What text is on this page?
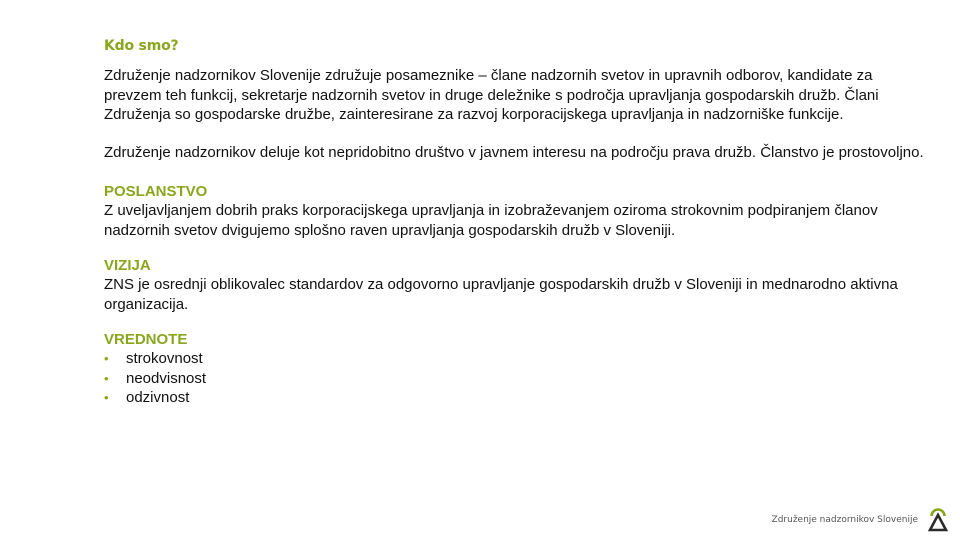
Kdo smo?

Združenje nadzornikov Slovenije združuje posameznike – člane nadzornih svetov in upravnih odborov, kandidate za prevzem teh funkcij, sekretarje nadzornih svetov in druge deležnike s področja upravljanja gospodarskih družb. Člani Združenja so gospodarske družbe, zainteresirane za razvoj korporacijskega upravljanja in nadzorniške funkcije.

Združenje nadzornikov deluje kot nepridobitno društvo v javnem interesu na področju prava družb. Članstvo je prostovoljno.

POSLANSTVO

Z uveljavljanjem dobrih praks korporacijskega upravljanja in izobraževanjem oziroma strokovnim podpiranjem članov nadzornih svetov dvigujemo splošno raven upravljanja gospodarskih družb v Sloveniji.

VIZIJA

ZNS je osrednji oblikovalec standardov za odgovorno upravljanje gospodarskih družb v Sloveniji in mednarodno aktivna organizacija.

VREDNOTE
•	strokovnost
•	neodvisnost
•	odzivnost
Združenje nadzornikov Slovenije
